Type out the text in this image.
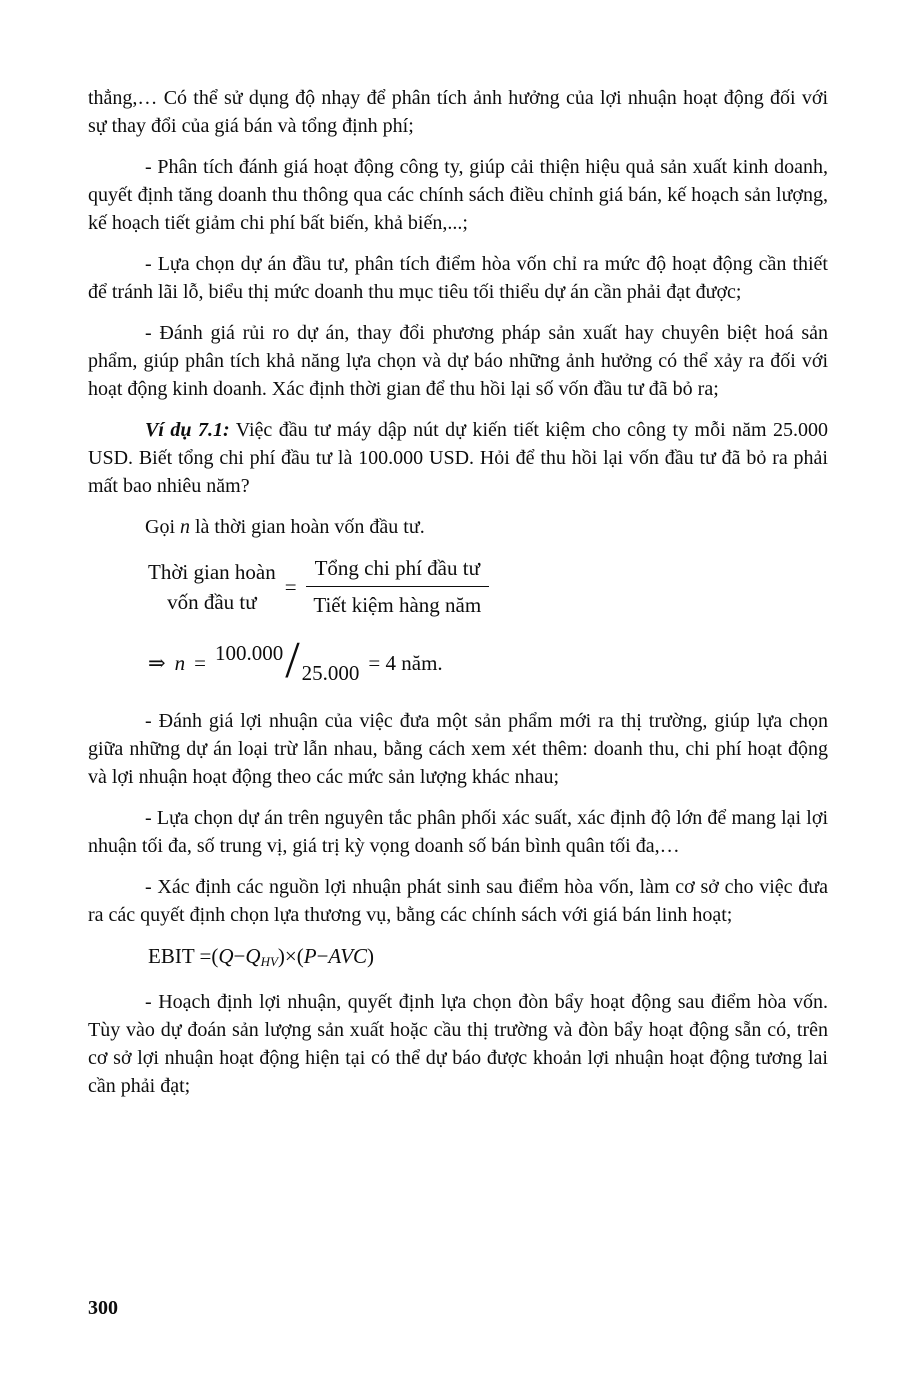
thẳng,… Có thể sử dụng độ nhạy để phân tích ảnh hưởng của lợi nhuận hoạt động đối với sự thay đổi của giá bán và tổng định phí;

- Phân tích đánh giá hoạt động công ty, giúp cải thiện hiệu quả sản xuất kinh doanh, quyết định tăng doanh thu thông qua các chính sách điều chỉnh giá bán, kế hoạch sản lượng, kế hoạch tiết giảm chi phí bất biến, khả biến,...;

- Lựa chọn dự án đầu tư, phân tích điểm hòa vốn chỉ ra mức độ hoạt động cần thiết để tránh lãi lỗ, biểu thị mức doanh thu mục tiêu tối thiểu dự án cần phải đạt được;

- Đánh giá rủi ro dự án, thay đổi phương pháp sản xuất hay chuyên biệt hoá sản phẩm, giúp phân tích khả năng lựa chọn và dự báo những ảnh hưởng có thể xảy ra đối với hoạt động kinh doanh. Xác định thời gian để thu hồi lại số vốn đầu tư đã bỏ ra;

Ví dụ 7.1: Việc đầu tư máy dập nút dự kiến tiết kiệm cho công ty mỗi năm 25.000 USD. Biết tổng chi phí đầu tư là 100.000 USD. Hỏi để thu hồi lại vốn đầu tư đã bỏ ra phải mất bao nhiêu năm?

Gọi n là thời gian hoàn vốn đầu tư.

Thời gian hoàn
vốn đầu tư
= $\frac{\text{Tổng chi phí đầu tư}}{\text{Tiết kiệm hàng năm}}$
⇒ n = 100.000 / 25.000 = 4 năm.

- Đánh giá lợi nhuận của việc đưa một sản phẩm mới ra thị trường, giúp lựa chọn giữa những dự án loại trừ lẫn nhau, bằng cách xem xét thêm: doanh thu, chi phí hoạt động và lợi nhuận hoạt động theo các mức sản lượng khác nhau;

- Lựa chọn dự án trên nguyên tắc phân phối xác suất, xác định độ lớn để mang lại lợi nhuận tối đa, số trung vị, giá trị kỳ vọng doanh số bán bình quân tối đa,…

- Xác định các nguồn lợi nhuận phát sinh sau điểm hòa vốn, làm cơ sở cho việc đưa ra các quyết định chọn lựa thương vụ, bằng các chính sách với giá bán linh hoạt;

EBIT = ( Q − Q HV ) × ( P − AVC )

- Hoạch định lợi nhuận, quyết định lựa chọn đòn bẩy hoạt động sau điểm hòa vốn. Tùy vào dự đoán sản lượng sản xuất hoặc cầu thị trường và đòn bẩy hoạt động sẵn có, trên cơ sở lợi nhuận hoạt động hiện tại có thể dự báo được khoản lợi nhuận hoạt động tương lai cần phải đạt;

300
